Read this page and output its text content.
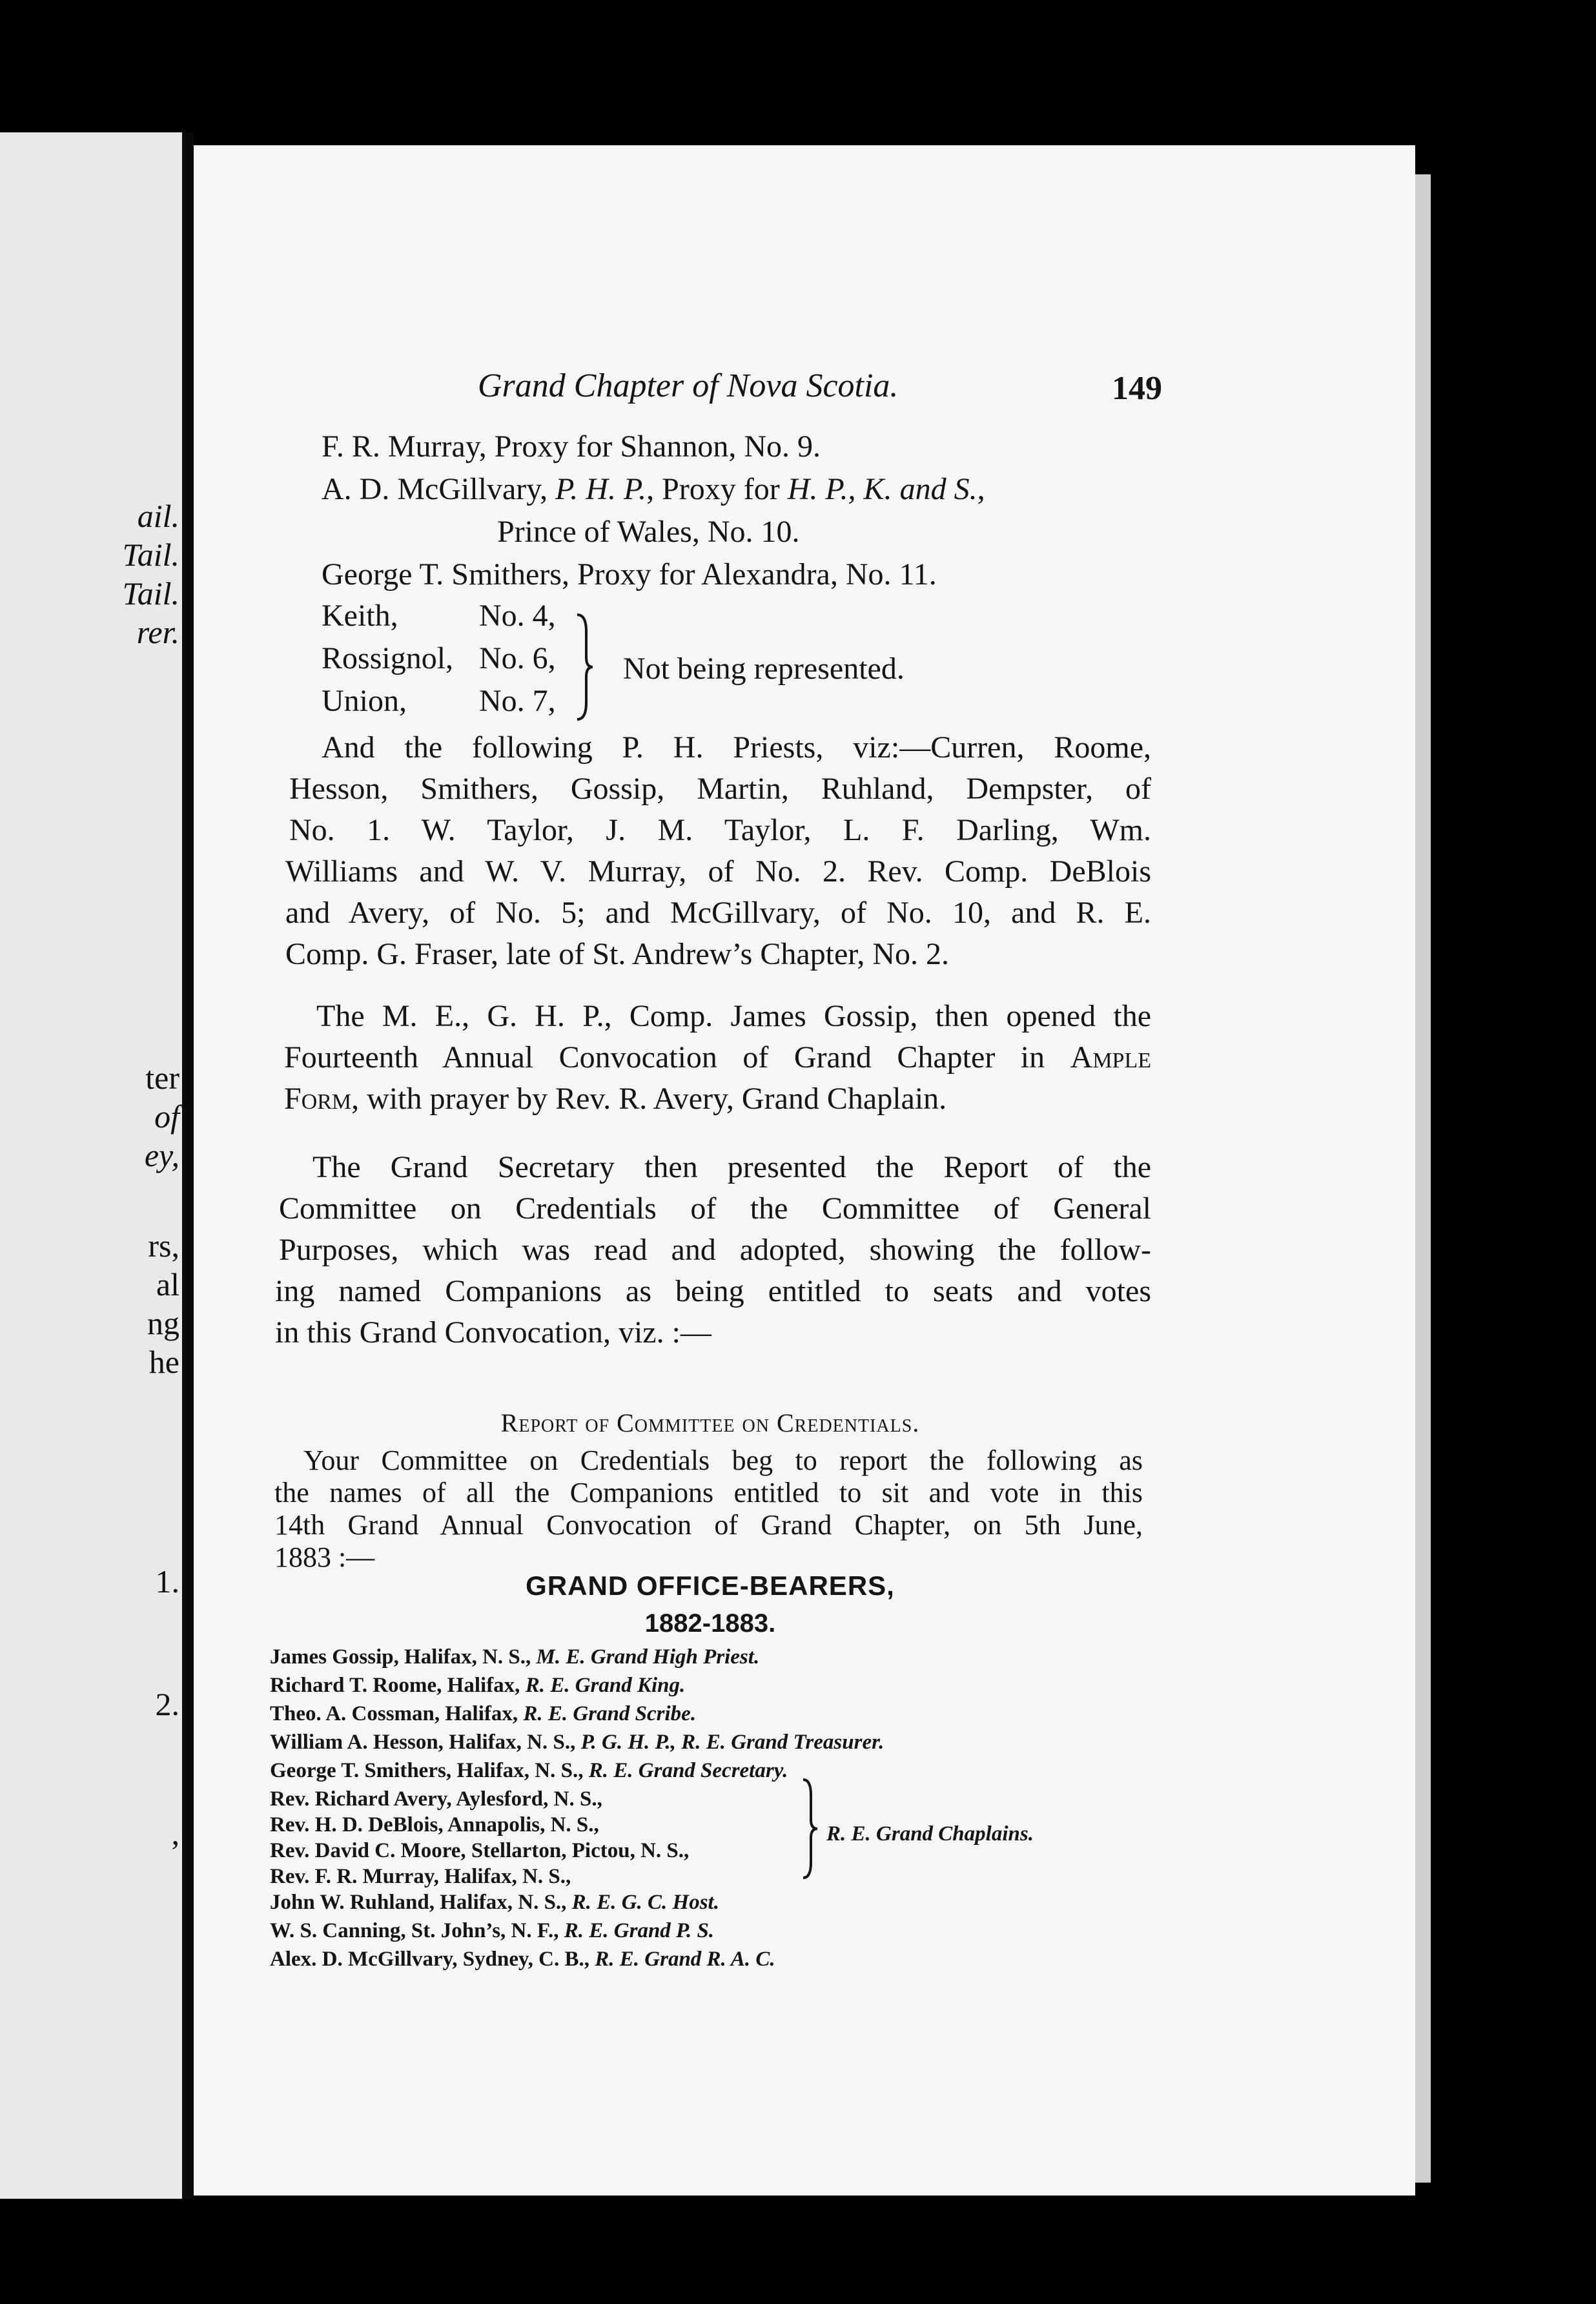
ail.
Tail.
Tail.
rer.
ter
of
ey,
rs,
al
ng
he
1.
2.
,
Grand Chapter of Nova Scotia.	149
F. R. Murray, Proxy for Shannon, No. 9.
A. D. McGillvary, P. H. P., Proxy for H. P., K. and S.,
Prince of Wales, No. 10.
George T. Smithers, Proxy for Alexandra, No. 11.
Keith,	No. 4,
Rossignol, No. 6,
Union, No. 7,
Not being represented.
And the following P. H. Priests, viz:—Curren, Roome,
Hesson, Smithers, Gossip, Martin, Ruhland, Dempster, of
No. 1. W. Taylor, J. M. Taylor, L. F. Darling, Wm.
Williams and W. V. Murray, of No. 2. Rev. Comp. DeBlois
and Avery, of No. 5; and McGillvary, of No. 10, and R. E.
Comp. G. Fraser, late of St. Andrew’s Chapter, No. 2.
The M. E., G. H. P., Comp. James Gossip, then opened the
Fourteenth Annual Convocation of Grand Chapter in Ample
Form, with prayer by Rev. R. Avery, Grand Chaplain.
The Grand Secretary then presented the Report of the
Committee on Credentials of the Committee of General
Purposes, which was read and adopted, showing the follow-
ing named Companions as being entitled to seats and votes
in this Grand Convocation, viz. :—
Report of Committee on Credentials.
Your Committee on Credentials beg to report the following as
the names of all the Companions entitled to sit and vote in this
14th Grand Annual Convocation of Grand Chapter, on 5th June,
1883 :—
GRAND OFFICE-BEARERS,
1882-1883.
James Gossip, Halifax, N. S., M. E. Grand High Priest.
Richard T. Roome, Halifax, R. E. Grand King.
Theo. A. Cossman, Halifax, R. E. Grand Scribe.
William A. Hesson, Halifax, N. S., P. G. H. P., R. E. Grand Treasurer.
George T. Smithers, Halifax, N. S., R. E. Grand Secretary.
Rev. Richard Avery, Aylesford, N. S.,
Rev. H. D. DeBlois, Annapolis, N. S.,
Rev. David C. Moore, Stellarton, Pictou, N. S.,
Rev. F. R. Murray, Halifax, N. S.,
R. E. Grand Chaplains.
John W. Ruhland, Halifax, N. S., R. E. G. C. Host.
W. S. Canning, St. John’s, N. F., R. E. Grand P. S.
Alex. D. McGillvary, Sydney, C. B., R. E. Grand R. A. C.
